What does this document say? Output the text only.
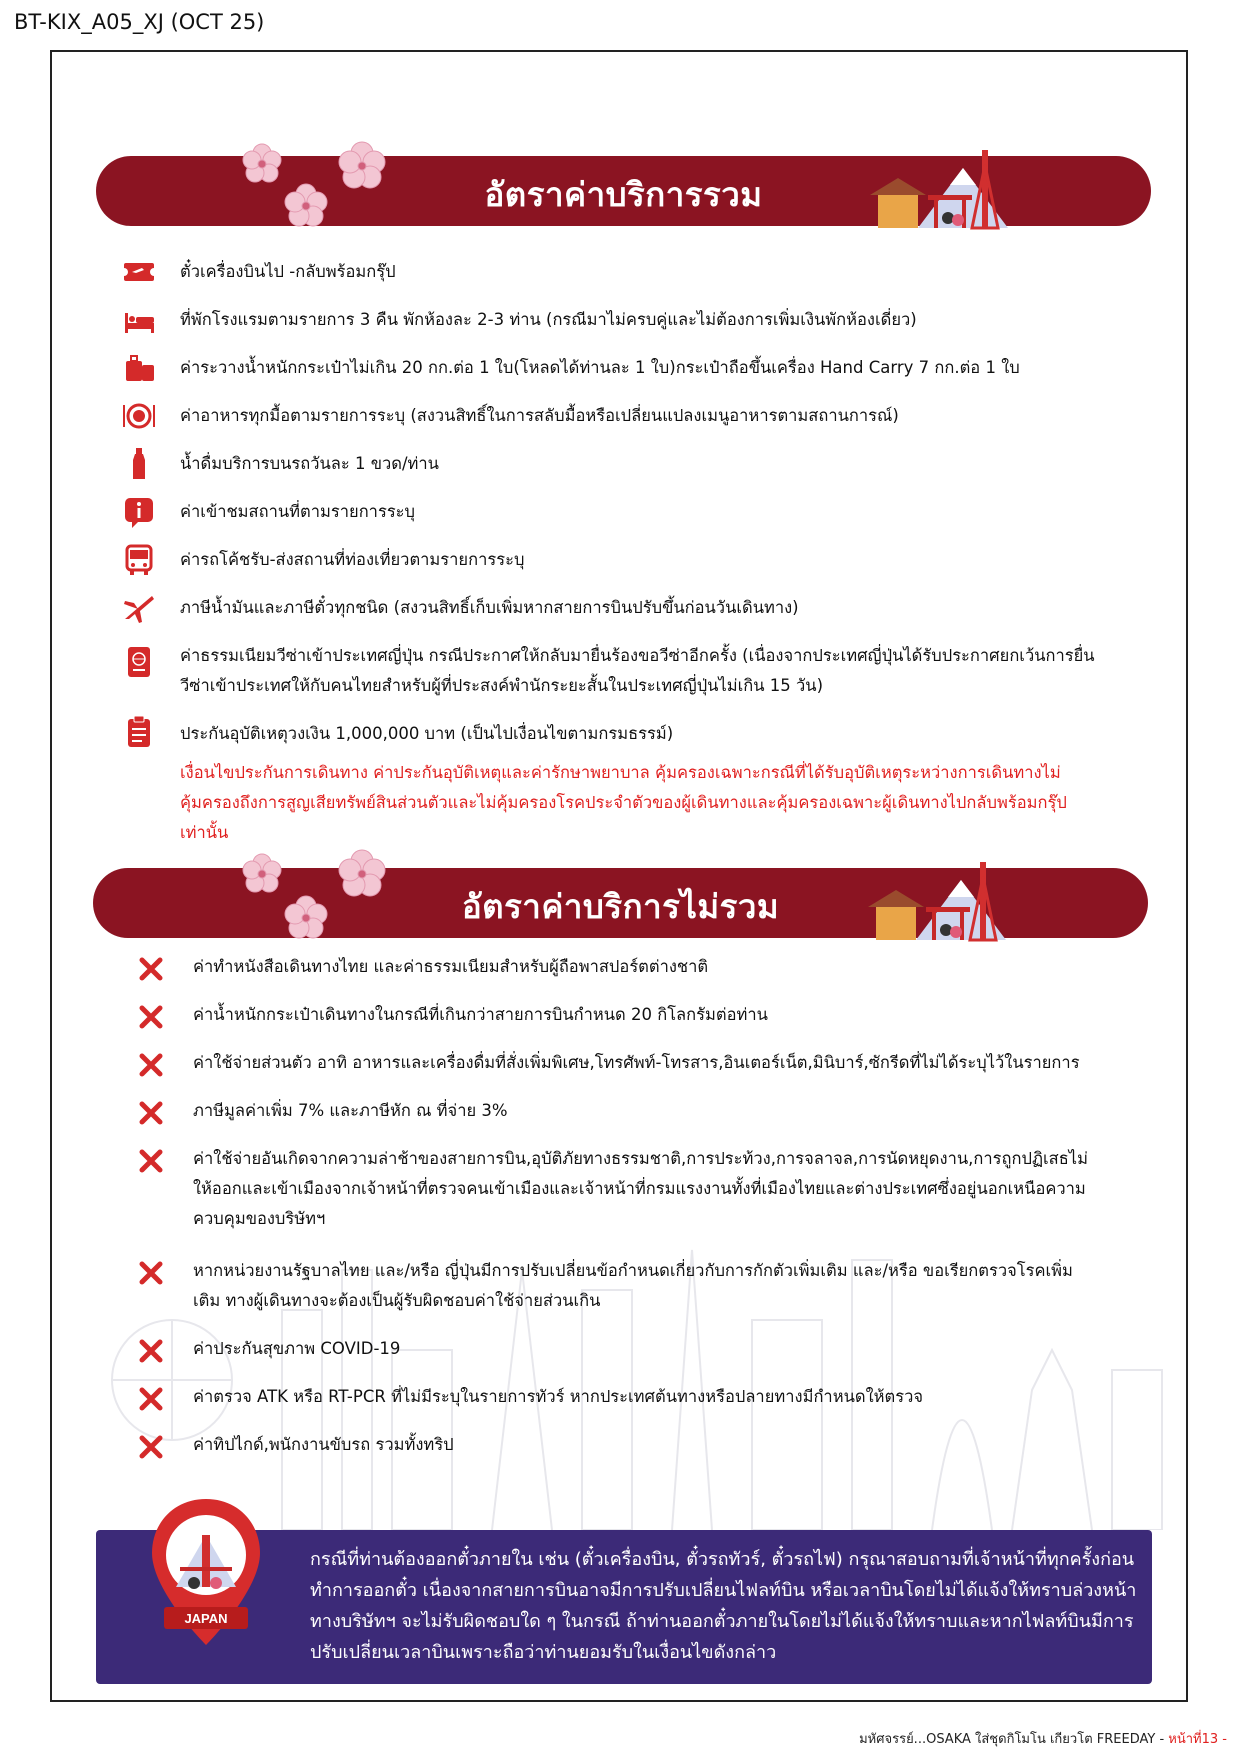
BT-KIX_A05_XJ (OCT 25)
อัตราค่าบริการรวม
ตั๋วเครื่องบินไป -กลับพร้อมกรุ๊ป
ที่พักโรงแรมตามรายการ 3 คืน พักห้องละ 2-3 ท่าน (กรณีมาไม่ครบคู่และไม่ต้องการเพิ่มเงินพักห้องเดี่ยว)
ค่าระวางน้ำหนักกระเป๋าไม่เกิน 20 กก.ต่อ 1 ใบ(โหลดได้ท่านละ 1 ใบ)กระเป๋าถือขึ้นเครื่อง Hand Carry 7 กก.ต่อ 1 ใบ
ค่าอาหารทุกมื้อตามรายการระบุ (สงวนสิทธิ์ในการสลับมื้อหรือเปลี่ยนแปลงเมนูอาหารตามสถานการณ์)
น้ำดื่มบริการบนรถวันละ 1 ขวด/ท่าน
ค่าเข้าชมสถานที่ตามรายการระบุ
ค่ารถโค้ชรับ-ส่งสถานที่ท่องเที่ยวตามรายการระบุ
ภาษีน้ำมันและภาษีตั๋วทุกชนิด (สงวนสิทธิ์เก็บเพิ่มหากสายการบินปรับขึ้นก่อนวันเดินทาง)
ค่าธรรมเนียมวีซ่าเข้าประเทศญี่ปุ่น กรณีประกาศให้กลับมายื่นร้องขอวีซ่าอีกครั้ง (เนื่องจากประเทศญี่ปุ่นได้รับประกาศยกเว้นการยื่นวีซ่าเข้าประเทศให้กับคนไทยสำหรับผู้ที่ประสงค์พำนักระยะสั้นในประเทศญี่ปุ่นไม่เกิน 15 วัน)
ประกันอุบัติเหตุวงเงิน 1,000,000 บาท (เป็นไปเงื่อนไขตามกรมธรรม์)
เงื่อนไขประกันการเดินทาง ค่าประกันอุบัติเหตุและค่ารักษาพยาบาล คุ้มครองเฉพาะกรณีที่ได้รับอุบัติเหตุระหว่างการเดินทางไม่คุ้มครองถึงการสูญเสียทรัพย์สินส่วนตัวและไม่คุ้มครองโรคประจำตัวของผู้เดินทางและคุ้มครองเฉพาะผู้เดินทางไปกลับพร้อมกรุ๊ปเท่านั้น
อัตราค่าบริการไม่รวม
ค่าทำหนังสือเดินทางไทย และค่าธรรมเนียมสำหรับผู้ถือพาสปอร์ตต่างชาติ
ค่าน้ำหนักกระเป๋าเดินทางในกรณีที่เกินกว่าสายการบินกำหนด 20 กิโลกรัมต่อท่าน
ค่าใช้จ่ายส่วนตัว อาทิ อาหารและเครื่องดื่มที่สั่งเพิ่มพิเศษ,โทรศัพท์-โทรสาร,อินเตอร์เน็ต,มินิบาร์,ซักรีดที่ไม่ได้ระบุไว้ในรายการ
ภาษีมูลค่าเพิ่ม 7% และภาษีหัก ณ ที่จ่าย 3%
ค่าใช้จ่ายอันเกิดจากความล่าช้าของสายการบิน,อุบัติภัยทางธรรมชาติ,การประท้วง,การจลาจล,การนัดหยุดงาน,การถูกปฏิเสธไม่ให้ออกและเข้าเมืองจากเจ้าหน้าที่ตรวจคนเข้าเมืองและเจ้าหน้าที่กรมแรงงานทั้งที่เมืองไทยและต่างประเทศซึ่งอยู่นอกเหนือความควบคุมของบริษัทฯ
หากหน่วยงานรัฐบาลไทย และ/หรือ ญี่ปุ่นมีการปรับเปลี่ยนข้อกำหนดเกี่ยวกับการกักตัวเพิ่มเติม และ/หรือ ขอเรียกตรวจโรคเพิ่มเติม ทางผู้เดินทางจะต้องเป็นผู้รับผิดชอบค่าใช้จ่ายส่วนเกิน
ค่าประกันสุขภาพ COVID-19
ค่าตรวจ ATK หรือ RT-PCR ที่ไม่มีระบุในรายการทัวร์ หากประเทศต้นทางหรือปลายทางมีกำหนดให้ตรวจ
ค่าทิปไกด์,พนักงานขับรถ รวมทั้งทริป
กรณีที่ท่านต้องออกตั๋วภายใน เช่น (ตั๋วเครื่องบิน, ตั๋วรถทัวร์, ตั๋วรถไฟ) กรุณาสอบถามที่เจ้าหน้าที่ทุกครั้งก่อนทำการออกตั๋ว เนื่องจากสายการบินอาจมีการปรับเปลี่ยนไฟลท์บิน หรือเวลาบินโดยไม่ได้แจ้งให้ทราบล่วงหน้า ทางบริษัทฯ จะไม่รับผิดชอบใด ๆ ในกรณี ถ้าท่านออกตั๋วภายในโดยไม่ได้แจ้งให้ทราบและหากไฟลท์บินมีการปรับเปลี่ยนเวลาบินเพราะถือว่าท่านยอมรับในเงื่อนไขดังกล่าว
JAPAN
มหัศจรรย์...OSAKA ใส่ชุดกิโมโน เกียวโต FREEDAY - หน้าที่13 -
